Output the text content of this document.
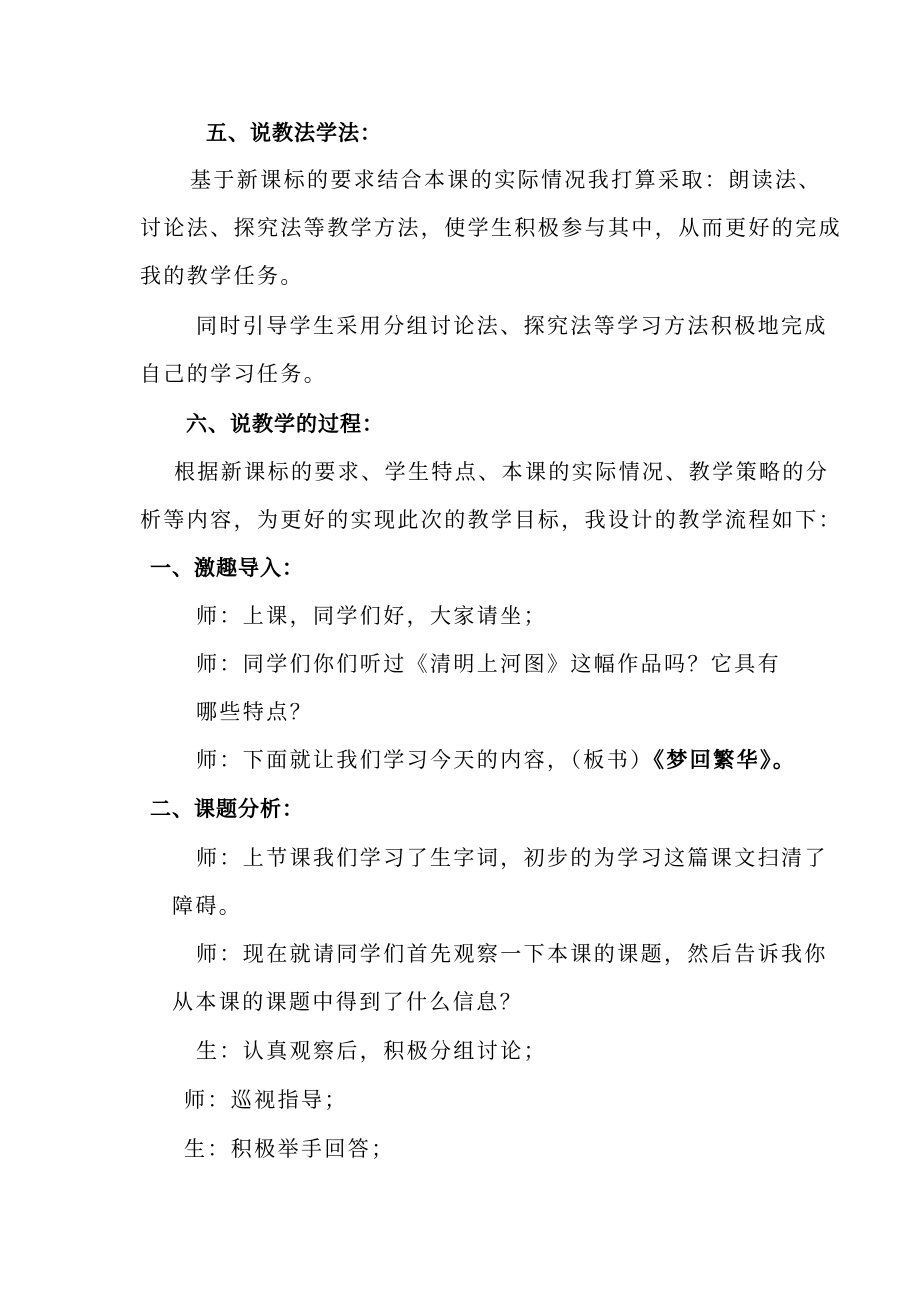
五、说教法学法：
基于新课标的要求结合本课的实际情况我打算采取：朗读法、
讨论法、探究法等教学方法，使学生积极参与其中，从而更好的完成
我的教学任务。
同时引导学生采用分组讨论法、探究法等学习方法积极地完成
自己的学习任务。
六、说教学的过程：
根据新课标的要求、学生特点、本课的实际情况、教学策略的分
析等内容，为更好的实现此次的教学目标，我设计的教学流程如下：
一、激趣导入：
师：上课，同学们好，大家请坐；
师：同学们你们听过《清明上河图》这幅作品吗？它具有
哪些特点？
师：下面就让我们学习今天的内容，（板书）《梦回繁华》。
二、课题分析：
师：上节课我们学习了生字词，初步的为学习这篇课文扫清了
障碍。
师：现在就请同学们首先观察一下本课的课题，然后告诉我你
从本课的课题中得到了什么信息？
生：认真观察后，积极分组讨论；
师：巡视指导；
生：积极举手回答；
